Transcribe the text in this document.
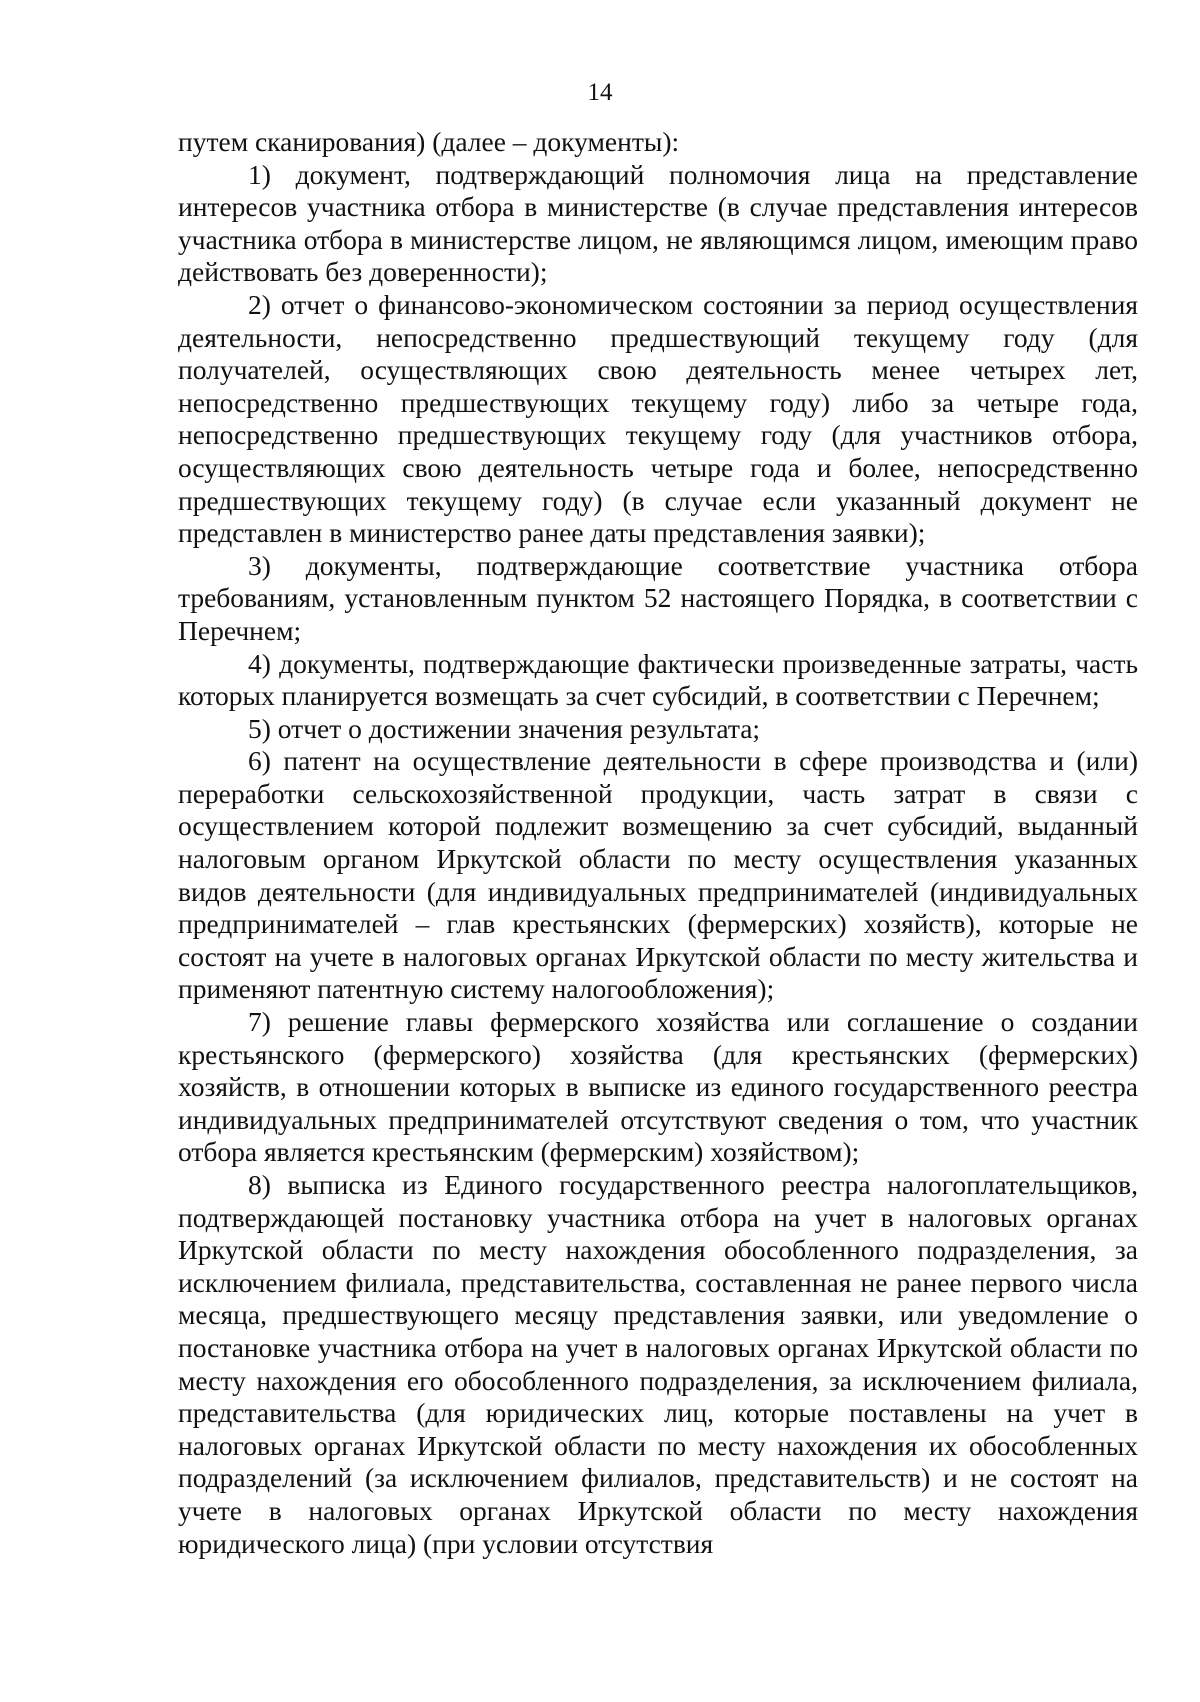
14

путем сканирования) (далее – документы):

1) документ, подтверждающий полномочия лица на представление интересов участника отбора в министерстве (в случае представления интересов участника отбора в министерстве лицом, не являющимся лицом, имеющим право действовать без доверенности);

2) отчет о финансово-экономическом состоянии за период осуществления деятельности, непосредственно предшествующий текущему году (для получателей, осуществляющих свою деятельность менее четырех лет, непосредственно предшествующих текущему году) либо за четыре года, непосредственно предшествующих текущему году (для участников отбора, осуществляющих свою деятельность четыре года и более, непосредственно предшествующих текущему году) (в случае если указанный документ не представлен в министерство ранее даты представления заявки);

3) документы, подтверждающие соответствие участника отбора требованиям, установленным пунктом 52 настоящего Порядка, в соответствии с Перечнем;

4) документы, подтверждающие фактически произведенные затраты, часть которых планируется возмещать за счет субсидий, в соответствии с Перечнем;

5) отчет о достижении значения результата;

6) патент на осуществление деятельности в сфере производства и (или) переработки сельскохозяйственной продукции, часть затрат в связи с осуществлением которой подлежит возмещению за счет субсидий, выданный налоговым органом Иркутской области по месту осуществления указанных видов деятельности (для индивидуальных предпринимателей (индивидуальных предпринимателей – глав крестьянских (фермерских) хозяйств), которые не состоят на учете в налоговых органах Иркутской области по месту жительства и применяют патентную систему налогообложения);

7) решение главы фермерского хозяйства или соглашение о создании крестьянского (фермерского) хозяйства (для крестьянских (фермерских) хозяйств, в отношении которых в выписке из единого государственного реестра индивидуальных предпринимателей отсутствуют сведения о том, что участник отбора является крестьянским (фермерским) хозяйством);

8) выписка из Единого государственного реестра налогоплательщиков, подтверждающей постановку участника отбора на учет в налоговых органах Иркутской области по месту нахождения обособленного подразделения, за исключением филиала, представительства, составленная не ранее первого числа месяца, предшествующего месяцу представления заявки, или уведомление о постановке участника отбора на учет в налоговых органах Иркутской области по месту нахождения его обособленного подразделения, за исключением филиала, представительства (для юридических лиц, которые поставлены на учет в налоговых органах Иркутской области по месту нахождения их обособленных подразделений (за исключением филиалов, представительств) и не состоят на учете в налоговых органах Иркутской области по месту нахождения юридического лица) (при условии отсутствия
